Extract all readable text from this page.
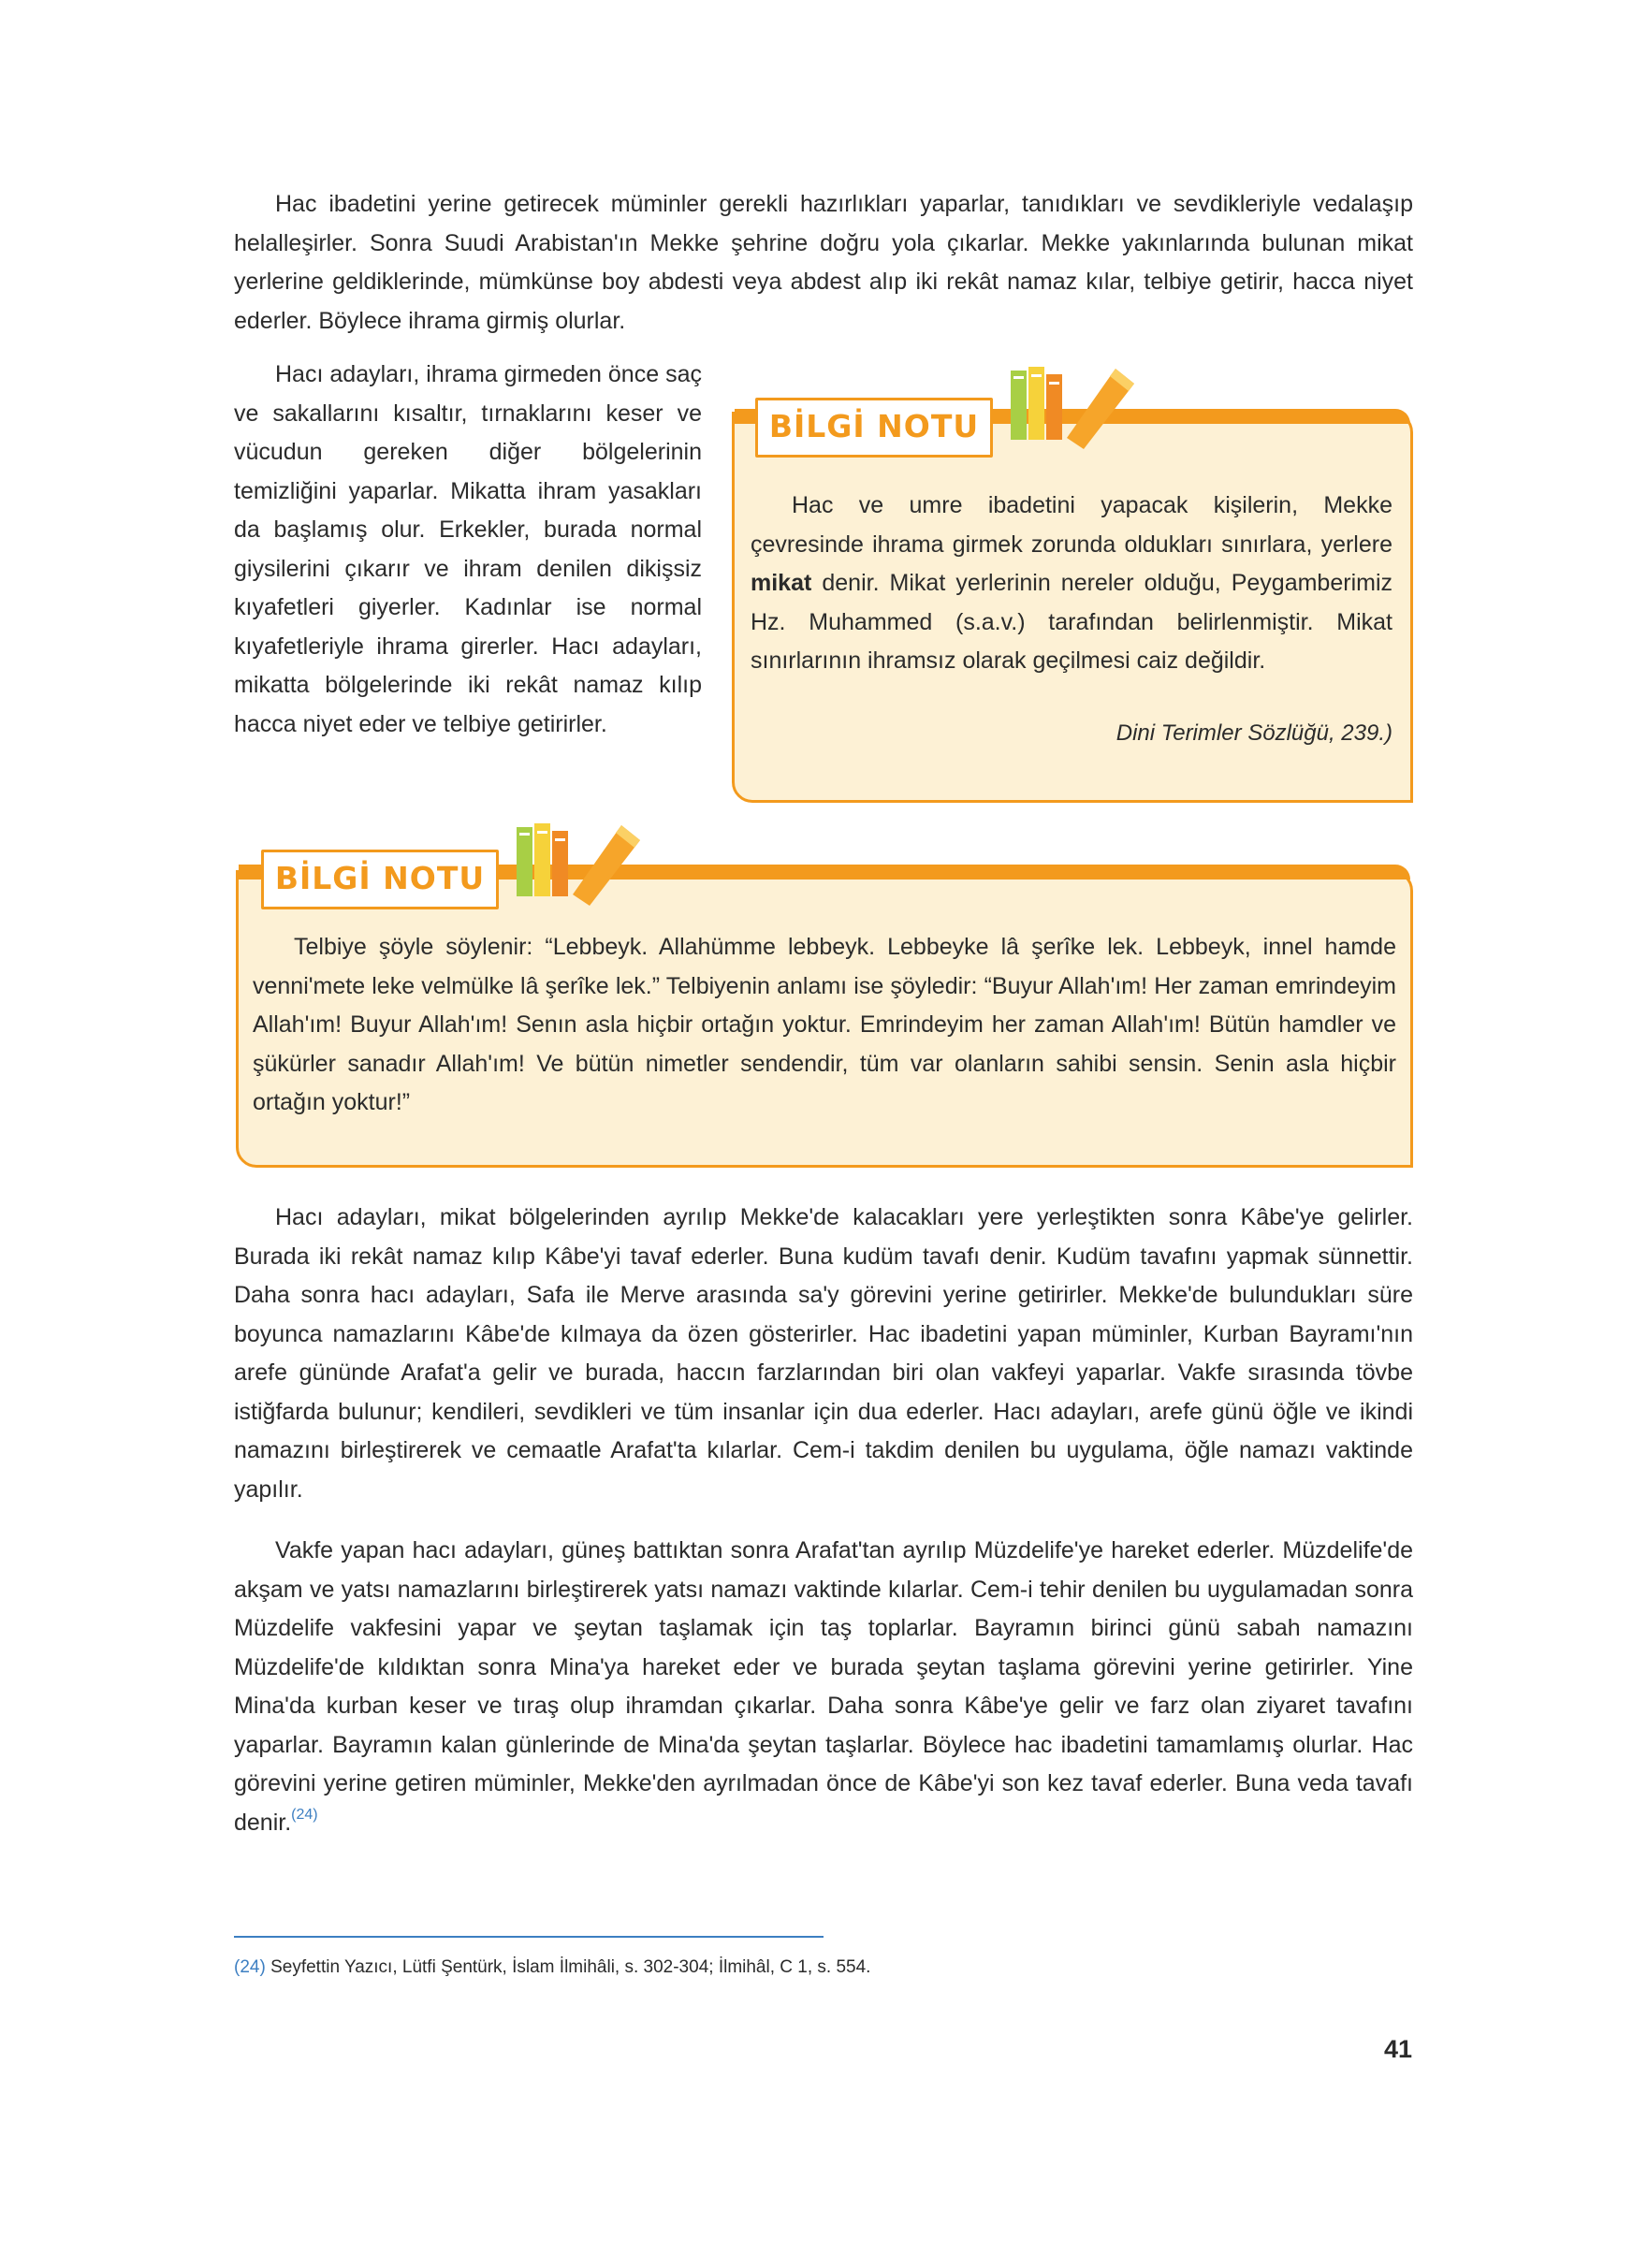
Hac ibadetini yerine getirecek müminler gerekli hazırlıkları yaparlar, tanıdıkları ve sevdikleriyle vedalaşıp helalleşirler. Sonra Suudi Arabistan'ın Mekke şehrine doğru yola çıkarlar. Mekke yakınlarında bulunan mikat yerlerine geldiklerinde, mümkünse boy abdesti veya abdest alıp iki rekât namaz kılar, telbiye getirir, hacca niyet ederler. Böylece ihrama girmiş olurlar.

Hacı adayları, ihrama girmeden önce saç ve sakallarını kısaltır, tırnaklarını keser ve vücudun gereken diğer bölgelerinin temizliğini yaparlar. Mikatta ihram yasakları da başlamış olur. Erkekler, burada normal giysilerini çıkarır ve ihram denilen dikişsiz kıyafetleri giyerler. Kadınlar ise normal kıyafetleriyle ihrama girerler. Hacı adayları, mikatta bölgelerinde iki rekât namaz kılıp hacca niyet eder ve telbiye getirirler.

BİLGİ NOTU

Hac ve umre ibadetini yapacak kişilerin, Mekke çevresinde ihrama girmek zorunda oldukları sınırlara, yerlere mikat denir. Mikat yerlerinin nereler olduğu, Peygamberimiz Hz. Muhammed (s.a.v.) tarafından belirlenmiştir. Mikat sınırlarının ihramsız olarak geçilmesi caiz değildir.

Dini Terimler Sözlüğü, 239.)
BİLGİ NOTU

Telbiye şöyle söylenir: “Lebbeyk. Allahümme lebbeyk. Lebbeyke lâ şerîke lek. Lebbeyk, innel hamde venni'mete leke velmülke lâ şerîke lek.” Telbiyenin anlamı ise şöyledir: “Buyur Allah'ım! Her zaman emrindeyim Allah'ım! Buyur Allah'ım! Senın asla hiçbir ortağın yoktur. Emrindeyim her zaman Allah'ım! Bütün hamdler ve şükürler sanadır Allah'ım! Ve bütün nimetler sendendir, tüm var olanların sahibi sensin. Senin asla hiçbir ortağın yoktur!”

Hacı adayları, mikat bölgelerinden ayrılıp Mekke'de kalacakları yere yerleştikten sonra Kâbe'ye gelirler. Burada iki rekât namaz kılıp Kâbe'yi tavaf ederler. Buna kudüm tavafı denir. Kudüm tavafını yapmak sünnettir. Daha sonra hacı adayları, Safa ile Merve arasında sa'y görevini yerine getirirler. Mekke'de bulundukları süre boyunca namazlarını Kâbe'de kılmaya da özen gösterirler. Hac ibadetini yapan müminler, Kurban Bayramı'nın arefe gününde Arafat'a gelir ve burada, haccın farzlarından biri olan vakfeyi yaparlar. Vakfe sırasında tövbe istiğfarda bulunur; kendileri, sevdikleri ve tüm insanlar için dua ederler. Hacı adayları, arefe günü öğle ve ikindi namazını birleştirerek ve cemaatle Arafat'ta kılarlar. Cem-i takdim denilen bu uygulama, öğle namazı vaktinde yapılır.

Vakfe yapan hacı adayları, güneş battıktan sonra Arafat'tan ayrılıp Müzdelife'ye hareket ederler. Müzdelife'de akşam ve yatsı namazlarını birleştirerek yatsı namazı vaktinde kılarlar. Cem-i tehir denilen bu uygulamadan sonra Müzdelife vakfesini yapar ve şeytan taşlamak için taş toplarlar. Bayramın birinci günü sabah namazını Müzdelife'de kıldıktan sonra Mina'ya hareket eder ve burada şeytan taşlama görevini yerine getirirler. Yine Mina'da kurban keser ve tıraş olup ihramdan çıkarlar. Daha sonra Kâbe'ye gelir ve farz olan ziyaret tavafını yaparlar. Bayramın kalan günlerinde de Mina'da şeytan taşlarlar. Böylece hac ibadetini tamamlamış olurlar. Hac görevini yerine getiren müminler, Mekke'den ayrılmadan önce de Kâbe'yi son kez tavaf ederler. Buna veda tavafı denir.$^{(24)}$

(24) Seyfettin Yazıcı, Lütfi Şentürk, İslam İlmihâli, s. 302-304; İlmihâl, C 1, s. 554.
41
